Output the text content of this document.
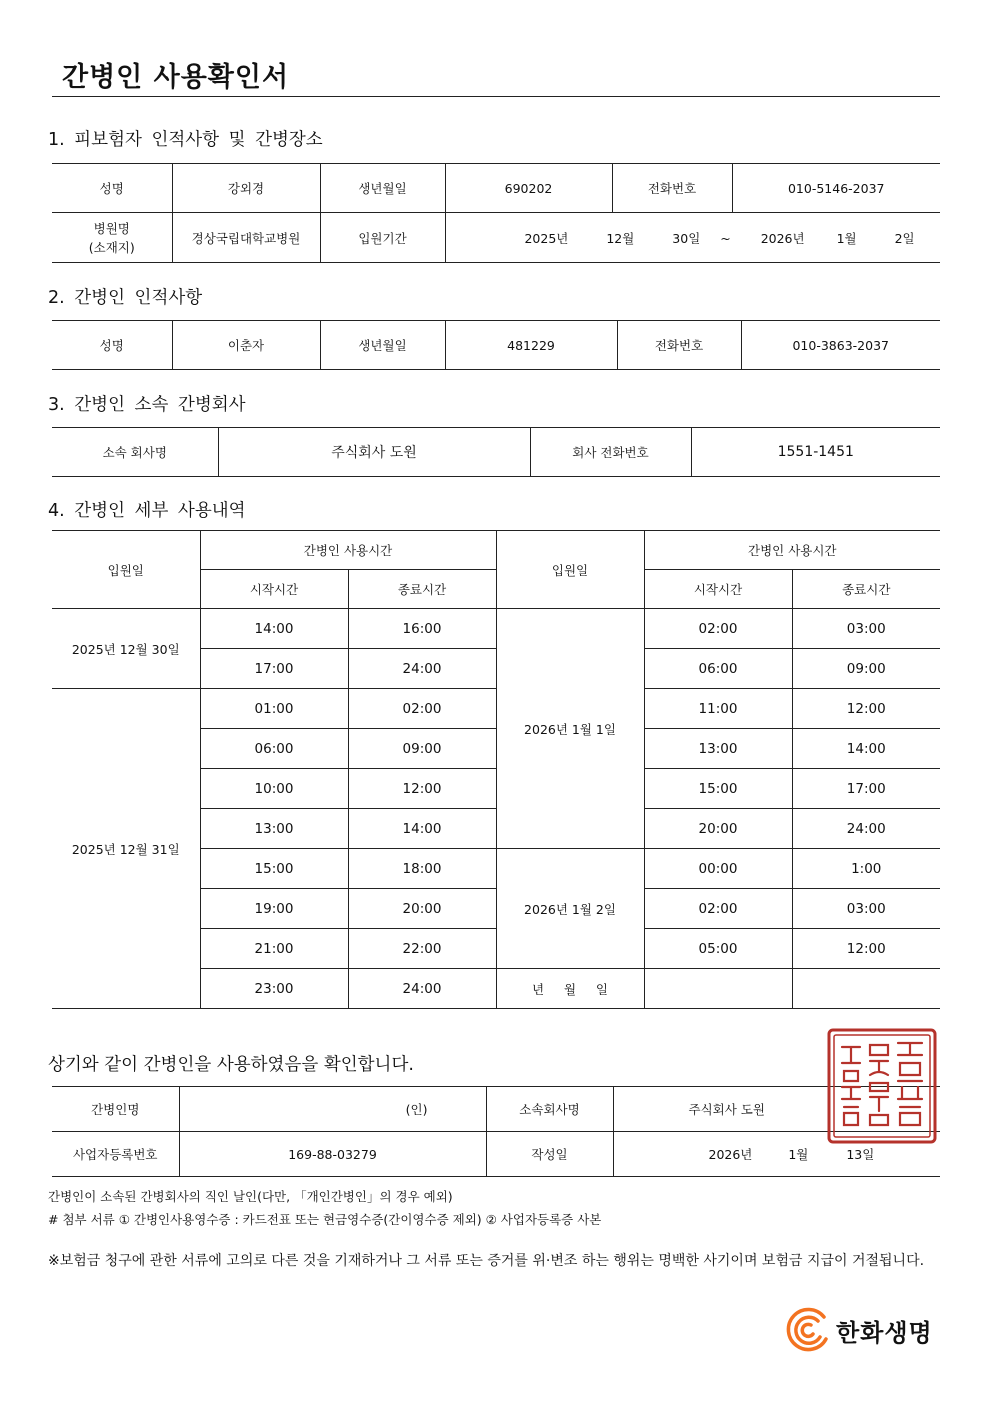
간병인 사용확인서
1. 피보험자 인적사항 및 간병장소
성명	강외경	생년월일	690202	전화번호	010-5146-2037

병원명
(소재지)	경상국립대학교병원	입원기간	2025년 12월 30일 ~ 2026년 1월 2일		
2. 간병인 인적사항
성명	이춘자	생년월일	481229	전화번호	010-3863-2037
3. 간병인 소속 간병회사
소속 회사명	주식회사 도원	회사 전화번호	1551-1451
4. 간병인 세부 사용내역
입원일	간병인 사용시간		입원일	간병인 사용시간	
	시작시간	종료시간		시작시간	종료시간
2025년 12월 30일	14:00	16:00	2026년 1월 1일	02:00	03:00
	17:00	24:00		06:00	09:00
2025년 12월 31일	01:00	02:00		11:00	12:00
	06:00	09:00		13:00	14:00
	10:00	12:00		15:00	17:00
	13:00	14:00		20:00	24:00
	15:00	18:00	2026년 1월 2일	00:00	1:00
	19:00	20:00		02:00	03:00
	21:00	22:00		05:00	12:00
	23:00	24:00	년     월     일		
상기와 같이 간병인을 사용하였음을 확인합니다.
간병인명	(인)	소속회사명	주식회사 도원
사업자등록번호	169-88-03279	작성일	2026년 1월 13일
간병인이 소속된 간병회사의 직인 날인(다만, 「개인간병인」의 경우 예외)
# 첨부 서류 ① 간병인사용영수증 : 카드전표 또는 현금영수증(간이영수증 제외) ② 사업자등록증 사본
※보험금 청구에 관한 서류에 고의로 다른 것을 기재하거나 그 서류 또는 증거를 위·변조 하는 행위는 명백한 사기이며 보험금 지급이 거절됩니다.
한화생명
